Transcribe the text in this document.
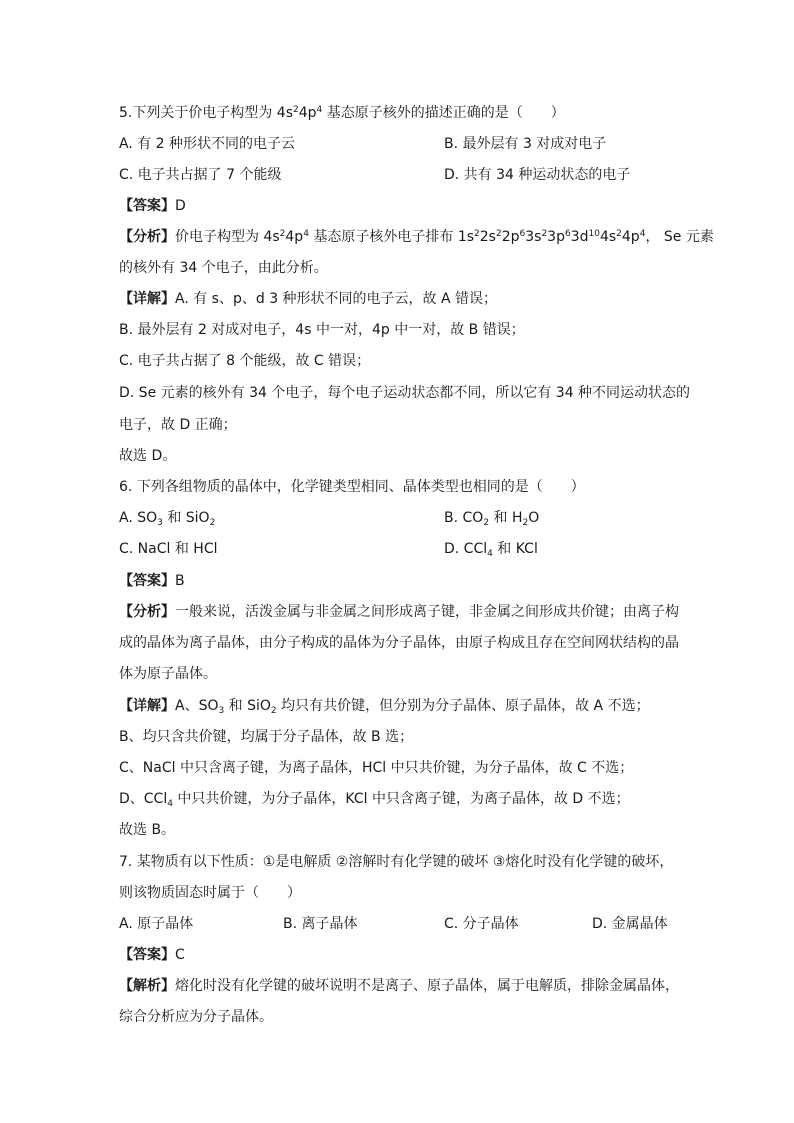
5.下列关于价电子构型为 $4s^24p^4$ 基态原子核外的描述正确的是（　　）
A. 有 2 种形状不同的电子云	B. 最外层有 3 对成对电子
C. 电子共占据了 7 个能级	D. 共有 34 种运动状态的电子
【答案】D
【分析】价电子构型为 $4s^24p^4$ 基态原子核外电子排布 $1s^22s^22p^63s^23p^63d^{10}4s^24p^4$， Se 元素
的核外有 34 个电子，由此分析。
【详解】A. 有 s、p、d 3 种形状不同的电子云，故 A 错误；
B. 最外层有 2 对成对电子，4s 中一对，4p 中一对，故 B 错误；
C. 电子共占据了 8 个能级，故 C 错误；
D. Se 元素的核外有 34 个电子，每个电子运动状态都不同，所以它有 34 种不同运动状态的
电子，故 D 正确；
故选 D。
6. 下列各组物质的晶体中，化学键类型相同、晶体类型也相同的是（　　）
A. $SO_3$ 和 SiO$_2$	B. $CO_2$ 和 $H_2O$
C. NaCl 和 HCl	D. CCl$_4$ 和 KCl
【答案】B
【分析】一般来说，活泼金属与非金属之间形成离子键，非金属之间形成共价键；由离子构
成的晶体为离子晶体，由分子构成的晶体为分子晶体，由原子构成且存在空间网状结构的晶
体为原子晶体。
【详解】A、$SO_3$ 和 SiO$_2$ 均只有共价键，但分别为分子晶体、原子晶体，故 A 不选；
B、均只含共价键，均属于分子晶体，故 B 选；
C、NaCl 中只含离子键，为离子晶体，HCl 中只共价键，为分子晶体，故 C 不选；
D、CCl$_4$ 中只共价键，为分子晶体，KCl 中只含离子键，为离子晶体，故 D 不选；
故选 B。
7. 某物质有以下性质：①是电解质 ②溶解时有化学键的破坏 ③熔化时没有化学键的破坏，
则该物质固态时属于（　　）
A. 原子晶体	B. 离子晶体	C. 分子晶体	D. 金属晶体
【答案】C
【解析】熔化时没有化学键的破坏说明不是离子、原子晶体，属于电解质，排除金属晶体，
综合分析应为分子晶体。
